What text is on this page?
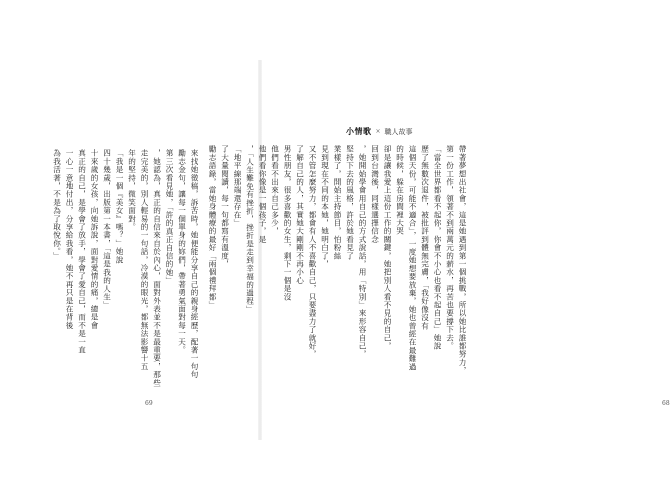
來找她徵稿，訴苦時，她便能分享自己的親身經歷，配著一句句

勵志金句，讓每一個單身的妳們，帶著勇氣面對每一天。

第三次看見她，「許的真正自信的她」

，她認為，真正的自信來自於內心，面對外表並不是最重要，那些

走完美的，別人輕易的一句話，冷漠的眼光，都無法影響十五

年的堅持，微笑面對。

「我是一個『美女』嗎？」她說

四十幾歲，出版第一本書，「這是我的人生」

十來歲的女孩，向她訴說，面對愛情的痛，總是會

真正的自己，是學會了放手，學會了愛自己，而不是一直

一心一意地付出，分享給我看，她不再只是在背後

為我活著，不是為了取悅你。」

69
小情歌 × 職人故事

帶著夢想出社會，這是她遇到第一個挑戰，所以她比誰都努力，

第一份工作，領著不到兩萬元的薪水，再苦也要撐下去。

「當全世界都看不起你，你會不小心也看不起自己」她說

歷了無數次退件，被批評到體無完膚，「我好像沒有

這個天份，可能不適合」，一度她想要放棄，她也曾經在最難過

的時候，躲在房間裡大哭

卻是讓我愛上這份工作的關鍵，她把別人看不見的自己，

回到台灣後，同樣選擇信念

，她開始學會用自己的方式說話，用「特別」來形容自己，

堅持下去的風格，許於她看見了

業樣了，開始主持節目，怕粉絲

見到現在不同的本她，她明白了，

又不管怎麼努力，都會有人不喜歡自己，只要盡力了就好，

了解自己的人，其實她大剛剛不再小心

男性朋友，很多喜歡的女生，剩下一個是沒

他們看不出來自己多少，

他們看你像是一個孩子，是

，「人生難免有挫折，挫折是走到幸福的過程」

「地平線那端還存在」

了大量閱讀，每一句都寫有溫度，

勵志語錄，當她身體療的最好「兩個禮拜都」

68
